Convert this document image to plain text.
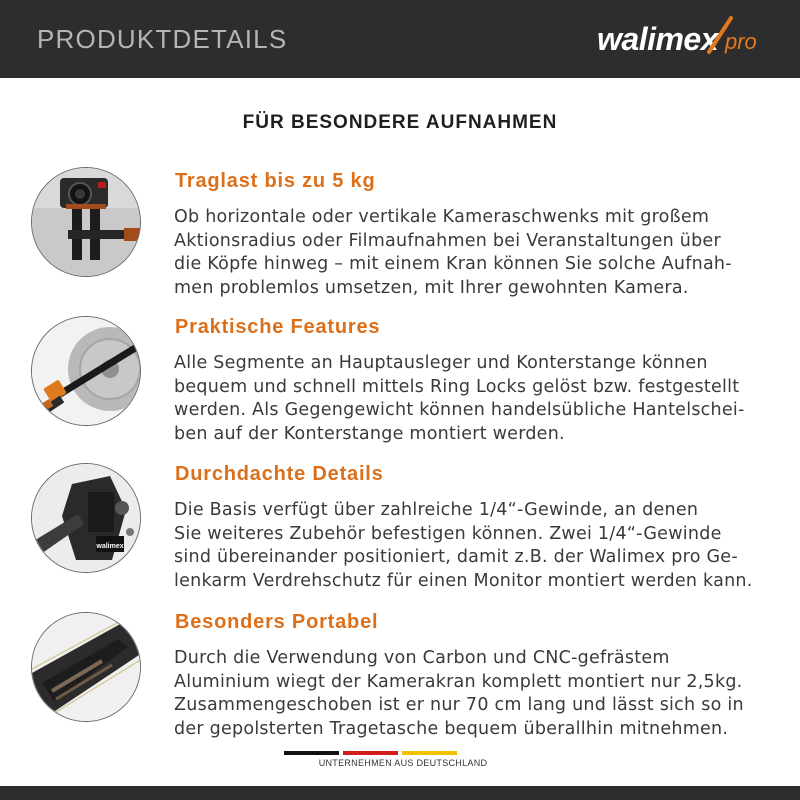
PRODUKTDETAILS	walimex pro
FÜR BESONDERE AUFNAHMEN
Traglast bis zu 5 kg
Ob horizontale oder vertikale Kameraschwenks mit großem
Aktionsradius oder Filmaufnahmen bei Veranstaltungen über
die Köpfe hinweg – mit einem Kran können Sie solche Aufnah-
men problemlos umsetzen, mit Ihrer gewohnten Kamera.
Praktische Features
Alle Segmente an Hauptausleger und Konterstange können
bequem und schnell mittels Ring Locks gelöst bzw. festgestellt
werden. Als Gegengewicht können handelsübliche Hantelschei-
ben auf der Konterstange montiert werden.
walimex
Durchdachte Details
Die Basis verfügt über zahlreiche 1/4“-Gewinde, an denen
Sie weiteres Zubehör befestigen können. Zwei 1/4“-Gewinde
sind übereinander positioniert, damit z.B. der Walimex pro Ge-
lenkarm Verdrehschutz für einen Monitor montiert werden kann.
Besonders Portabel
Durch die Verwendung von Carbon und CNC-gefrästem
Aluminium wiegt der Kamerakran komplett montiert nur 2,5kg.
Zusammengeschoben ist er nur 70 cm lang und lässt sich so in
der gepolsterten Tragetasche bequem überallhin mitnehmen.
UNTERNEHMEN AUS DEUTSCHLAND
